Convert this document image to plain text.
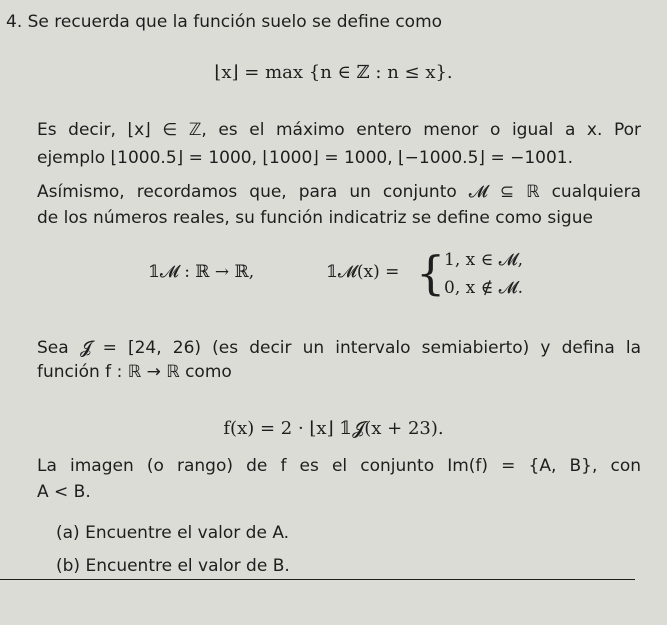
4. Se recuerda que la función suelo se define como
⌊x⌋ = max {n ∈ ℤ : n ≤ x}.
Es decir, ⌊x⌋ ∈ ℤ, es el máximo entero menor o igual a x. Por
ejemplo ⌊1000.5⌋ = 1000, ⌊1000⌋ = 1000, ⌊−1000.5⌋ = −1001.
Asímismo, recordamos que, para un conjunto 𝓜 ⊆ ℝ cualquiera
de los números reales, su función indicatriz se define como sigue
𝟙𝓜 : ℝ → ℝ,	𝟙𝓜(x) = {
1, x ∈ 𝓜,
0, x ∉ 𝓜.
Sea 𝓙 = [24, 26) (es decir un intervalo semiabierto) y defina la
función f : ℝ → ℝ como
f(x) = 2 · ⌊x⌋ 𝟙𝓙(x + 23).
La imagen (o rango) de f es el conjunto Im(f) = {A, B}, con
A < B.
(a) Encuentre el valor de A.
(b) Encuentre el valor de B.
